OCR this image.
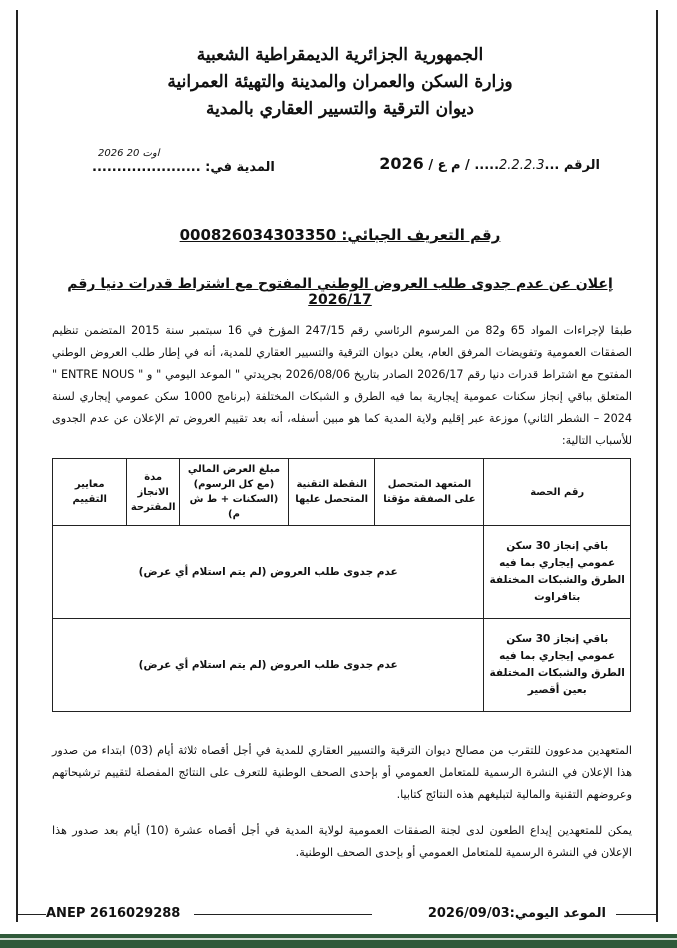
الجمهورية الجزائرية الديمقراطية الشعبية
وزارة السكن والعمران والمدينة والتهيئة العمرانية
ديوان الترقية والتسيير العقاري بالمدية
الرقم ...2.2.2.3..... / م ع / 2026
المدية في: ......................
2026 اوت 20
رقم التعريف الجبائي: 000826034303350
إعلان عن عدم جدوى طلب العروض الوطني المفتوح مع اشتراط قدرات دنيا رقم 2026/17
طبقا لإجراءات المواد 65 و82 من المرسوم الرئاسي رقم 247/15 المؤرخ في 16 سبتمبر سنة 2015 المتضمن تنظيم الصفقات العمومية وتفويضات المرفق العام، يعلن ديوان الترقية والتسيير العقاري للمدية، أنه في إطار طلب العروض الوطني المفتوح مع اشتراط قدرات دنيا رقم 2026/17 الصادر بتاريخ 2026/08/06 بجريدتي " الموعد اليومي " و " ENTRE NOUS " المتعلق بباقي إنجاز سكنات عمومية إيجارية بما فيه الطرق و الشبكات المختلفة (برنامج 1000 سكن عمومي إيجاري لسنة 2024 – الشطر الثاني) موزعة عبر إقليم ولاية المدية كما هو مبين أسفله، أنه بعد تقييم العروض تم الإعلان عن عدم الجدوى للأسباب التالية:
رقم الحصة	المتعهد المتحصل على الصفقة مؤقتا	النقطة التقنية المتحصل عليها	مبلغ العرض المالي (مع كل الرسوم) (السكنات + ط ش م)	مدة الانجاز المقترحة	معايير التقييم
باقي إنجاز 30 سكن عمومي إيجاري بما فيه الطرق والشبكات المختلفة بتافراوت	عدم جدوى طلب العروض (لم يتم استلام أي عرض)				
باقي إنجاز 30 سكن عمومي إيجاري بما فيه الطرق والشبكات المختلفة بعين أقصير	عدم جدوى طلب العروض (لم يتم استلام أي عرض)				
المتعهدين مدعوون للتقرب من مصالح ديوان الترقية والتسيير العقاري للمدية في أجل أقصاه ثلاثة أيام (03) ابتداء من صدور هذا الإعلان في النشرة الرسمية للمتعامل العمومي أو بإحدى الصحف الوطنية للتعرف على النتائج المفصلة لتقييم ترشيحاتهم وعروضهم التقنية والمالية لتبليغهم هذه النتائج كتابيا.
يمكن للمتعهدين إيداع الطعون لدى لجنة الصفقات العمومية لولاية المدية في أجل أقصاه عشرة (10) أيام بعد صدور هذا الإعلان في النشرة الرسمية للمتعامل العمومي أو بإحدى الصحف الوطنية.
ANEP 2616029288	الموعد اليومي:2026/09/03
